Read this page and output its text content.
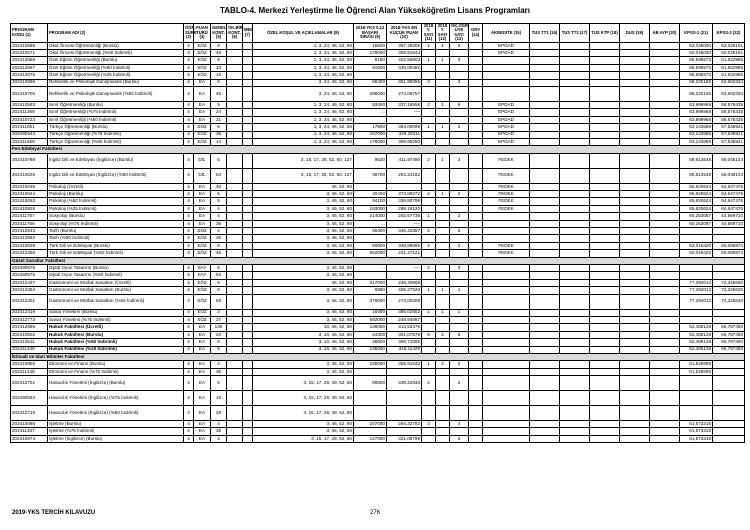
TABLO-4. Merkezi Yerleştirme İle Öğrenci Alan Yükseköğretim Lisans Programları
PROGRAM KODU (1)	PROGRAM ADI (2)	ÖĞR. SÜRE (3)	PUAN TÜRÜ (4)	GENEL KONT. (5)	OK.BİR. KONT. (6)	MEB (7)	ÖZEL KOŞUL VE AÇIKLAMALAR (8)	2018-YKS 0,12 BAŞARI SIRASI (9)	2018-YKS EN KÜÇÜK PUAN (10)	2018 Y. SAYI (11)	2018 Y. SAYI (12)	OK.ÖĞR. ÜYE SAYI (13)	GRV (14)	AKREDİTE (15)	TUS TT1 (16)	TUS TT2 (17)	TUS KTP (18)	DUS (19)	AB AYP (20)	KPSS-1 (21)	KPSS-2 (22)
202410565	Okul Öncesi Öğretmenliği (Burslu)	4	SÖZ	6			1, 3, 24, 46, 52, 60	15500	387,48305	1	1	3		EPDAD						62,046030	62,028151
202410671	Okul Öncesi Öğretmenliği (%50 İndirimli)	4	SÖZ	49			1, 3, 24, 46, 52, 60	179000	308,91644					EPDAD						62,046030	62,028151
202412658	Özel Eğitim Öğretmenliği (Burslu)	4	SÖZ	6			1, 3, 24, 46, 52, 60	8160	402,56903	1	1	3								68,595573	61,922985
202412667	Özel Eğitim Öğretmenliği (%50 İndirimli)	4	SÖZ	33			1, 3, 24, 46, 52, 60	91500	335,00482											68,595573	61,922985
202412676	Özel Eğitim Öğretmenliği (%25 İndirimli)	4	SÖZ	16			1, 3, 24, 46, 52, 60													68,595573	61,922985
202410696	Rehberlik ve Psikolojik Danışmanlık (Burslu)	4	EA	5			3, 24, 46, 52, 60	68400	351,95055	3		3								68,220155	63,602334
202410705	Rehberlik ve Psikolojik Danışmanlık (%50 İndirimli)	4	EA	45			3, 24, 46, 52, 60	296000	274,06757											68,220155	63,602334
202410583	Sınıf Öğretmenliği (Burslu)	4	EA	5			1, 3, 24, 46, 52, 60	93400	337,16558	2	1	6		EPDAD						63,999968	58,576435
202411369	Sınıf Öğretmenliği (%75 İndirimli)	4	EA	24			1, 3, 24, 46, 52, 60	...	----					EPDAD						63,999968	58,576435
202410723	Sınıf Öğretmenliği (%50 İndirimli)	4	EA	21			1, 3, 24, 46, 52, 60							EPDAD						63,999968	58,576435
202411651	Türkçe Öğretmenliği (Burslu)	4	SÖZ	6			1, 3, 24, 46, 52, 60	17800	384,00099	1	1	2		EPDAD						63,143689	57,535921
202490543	Türkçe Öğretmenliği (%75 İndirimli)	4	SÖZ	35			1, 3, 24, 46, 52, 60	107000	329,26311					EPDAD						63,143689	57,535921
202411669	Türkçe Öğretmenliği (%50 İndirimli)	4	SÖZ	14			1, 3, 24, 46, 52, 60	178000	308,95250					EPDAD						63,143689	57,535921
Fen-Edebiyat Fakültesi																					
202410768	İngiliz Dili ve Edebiyatı (İngilizce) (Burslu)	4	DİL	6			3, 15, 17, 28, 52, 60, 127	9520	411,97490	2	1	3		FEDEK						59,813548	59,046144
202410026	İngiliz Dili ve Edebiyatı (İngilizce) (%50 İndirimli)	4	DİL	54			3, 15, 17, 28, 52, 60, 127	48700	264,24162					FEDEK						59,813548	59,046144
202410035	Psikoloji (Ücretli)	4	EA	45			46, 52, 60							FEDEK						65,820624	64,647476
202410044	Psikoloji (Burslu)	4	EA	6			3, 46, 52, 60	40400	373,89272	2	1	2		FEDEK						65,820624	64,647476
202410053	Psikoloji (%50 İndirimli)	4	EA	5			3, 46, 52, 60	94100	336,80798					FEDEK						65,820624	64,647476
202410829	Psikoloji (%25 İndirimli)	4	EA	4			3, 46, 52, 60	193000	298,19120					FEDEK						65,820624	64,647476
202411757	Sosyoloji (Burslu)	4	EA	4			3, 46, 52, 60	214000	292,67736	1		2								60,253087	44,569710
202411766	Sosyoloji (%75 İndirimli)	4	EA	36			3, 46, 52, 60	...	----											60,253087	44,569710
202412543	Tarih (Burslu)	4	SÖZ	4			3, 46, 52, 60	65400	346,42357	2		5									
202412552	Tarih (%50 İndirimli)	4	SÖZ	36			3, 46, 52, 60														
202410838	Türk Dili ve Edebiyatı (Burslu)	4	SÖZ	5			3, 46, 52, 60	60600	348,88995	4		2		FEDEK						62,016420	60,085974
202410256	Türk Dili ve Edebiyatı (%50 İndirimli)	4	SÖZ	45			3, 46, 52, 60	862000	221,47121					FEDEK						62,016420	60,085974
Güzel Sanatlar Fakültesi																					
202490575	Dijital Oyun Tasarımı (Burslu)	4	SAY	6			3, 46, 52, 60	...	----	2		3									
202490576	Dijital Oyun Tasarımı (%50 İndirimli)	4	SAY	54			3, 46, 52, 60														
202412437	Gastronomi ve Mutfak Sanatları (Ücretli)	4	SÖZ	9			46, 52, 60	617000	246,40968											77,292013	72,325630
202412394	Gastronomi ve Mutfak Sanatları (Burslu)	4	SÖZ	8			3, 46, 52, 60	6960	406,27520	1	1	1								77,292013	72,325630
202412401	Gastronomi ve Mutfak Sanatları (%50 İndirimli)	4	SÖZ	63			3, 46, 52, 60	376000	274,00308											77,292013	72,325630
202412419	Sanat Yönetimi (Burslu)	4	SÖZ	3			3, 46, 52, 60	16400	386,02802	1	1	1									
202412773	Sanat Yönetimi (%75 İndirimli)	4	SÖZ	27			3, 46, 52, 60	592000	248,94867												
202412685	Hukuk Fakültesi (Ücretli)	4	EA	130			10, 46, 52, 60	146000	313,53375											52,485128	66,787450
202410502	Hukuk Fakültesi (Burslu)	4	EA	20			3, 10, 46, 52, 60	24300	391,07579	8	2	8								52,485128	66,787450
202410511	Hukuk Fakültesi (%50 İndirimli)	4	EA	5			3, 10, 46, 52, 60	48600	366,71065											52,485128	66,787450
202411439	Hukuk Fakültesi (%25 İndirimli)	4	EA	5			3, 10, 46, 52, 60	135000	318,11429											52,485128	66,787450
İktisadi ve İdari Bilimler Fakültesi																					
202410856	Ekonomi ve Finans (Burslu)	4	EA	4			3, 46, 52, 60	165000	306,91532	1	2	2								61,526699	
202411448	Ekonomi ve Finans (%75 İndirimli)	4	EA	36			3, 46, 52, 60													61,526699	
202412701	Havacılık Yönetimi (İngilizce) (Burslu)	4	EA	5			3, 15, 17, 28, 49, 52, 60	89500	339,22640	2		2									
202490584	Havacılık Yönetimi (İngilizce) (%75 İndirimli)	4	EA	16			3, 15, 17, 28, 49, 52, 60														
202412719	Havacılık Yönetimi (İngilizce) (%50 İndirimli)	4	EA	29			3, 15, 17, 28, 49, 52, 60														
202410098	İşletme (Burslu)	4	EA	4			3, 46, 52, 60	207000	294,32783	3		4								61,573318	
202411457	İşletme (%75 İndirimli)	4	EA	36			3, 46, 52, 60													61,573318	
202410874	İşletme (İngilizce) (Burslu)	4	EA	4			3, 15, 17, 28, 52, 60	127000	321,08798			6								61,573318	
2019-YKS TERCİH KILAVUZU	276
